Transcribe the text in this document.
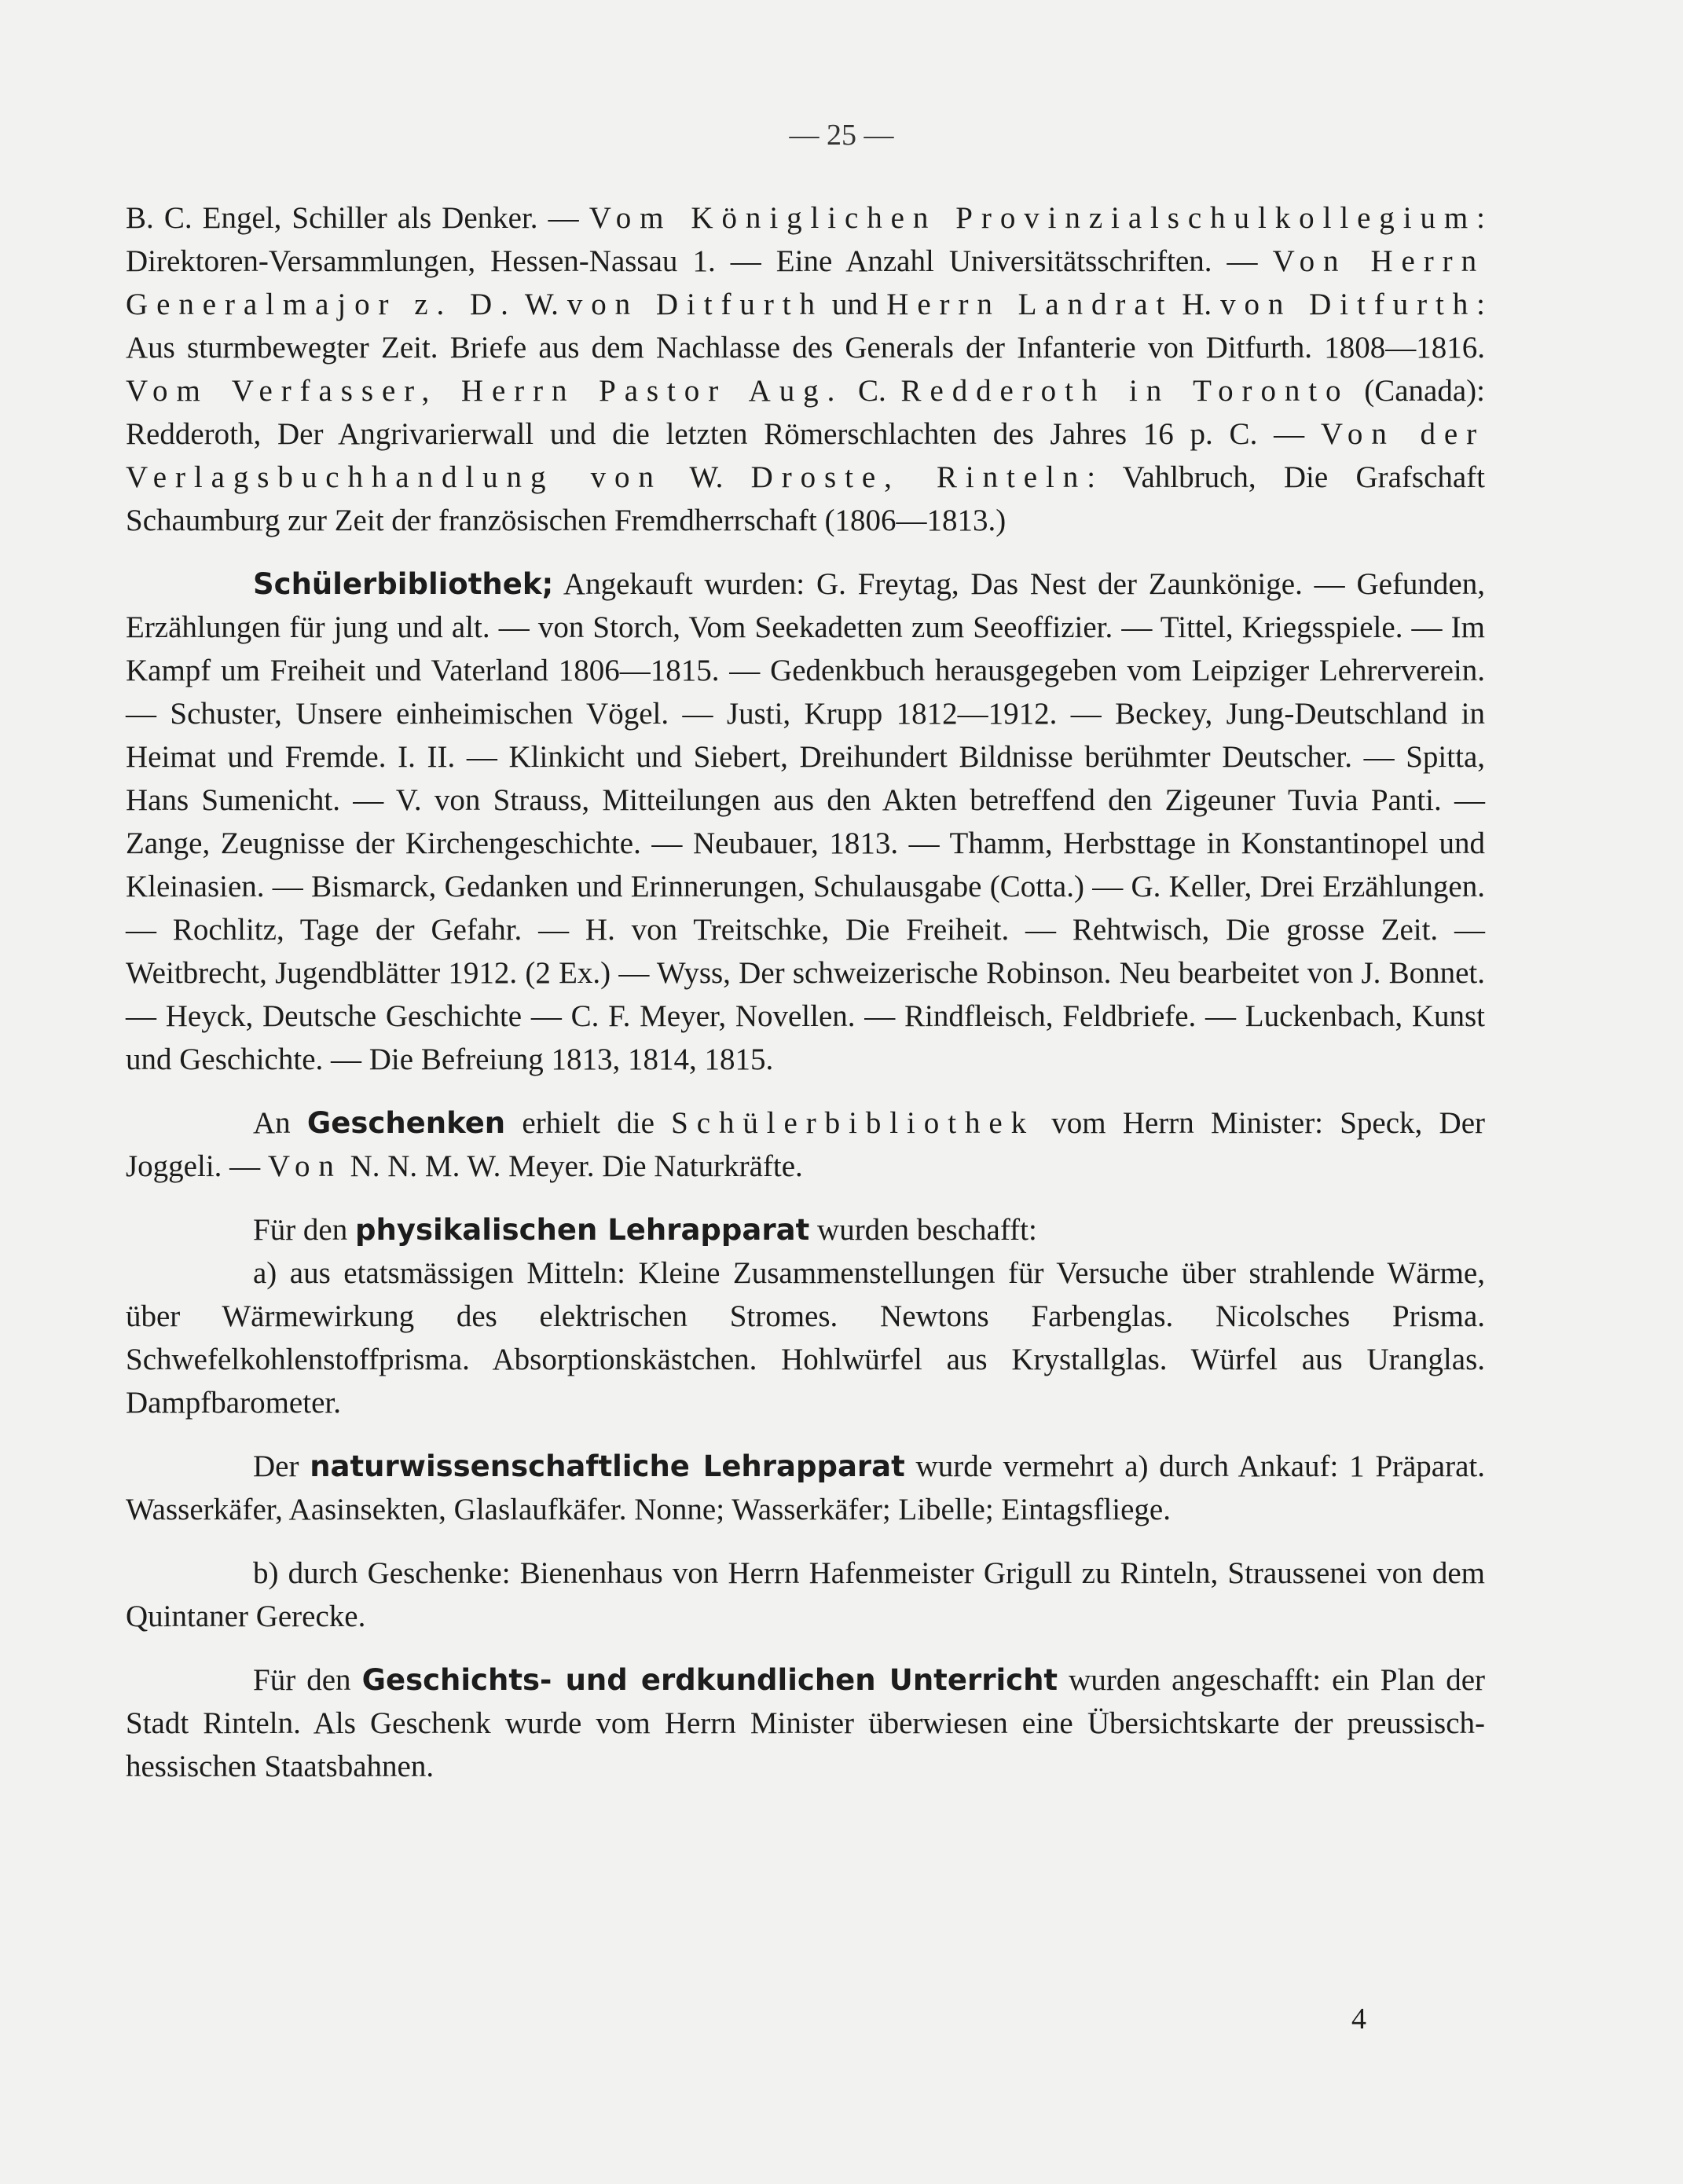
— 25 —

B. C. Engel, Schiller als Denker. — Vom Königlichen Provinzialschulkollegium: Direktoren-Versammlungen, Hessen-Nassau 1. — Eine Anzahl Universitätsschriften. — Von Herrn Generalmajor z. D. W. von Ditfurth und Herrn Landrat H. von Ditfurth: Aus sturmbewegter Zeit. Briefe aus dem Nachlasse des Generals der Infanterie von Ditfurth. 1808—1816. Vom Verfasser, Herrn Pastor Aug. C. Redderoth in Toronto (Canada): Redderoth, Der Angrivarierwall und die letzten Römerschlachten des Jahres 16 p. C. — Von der Verlagsbuchhandlung von W. Droste, Rinteln: Vahlbruch, Die Grafschaft Schaumburg zur Zeit der französischen Fremdherrschaft (1806—1813.)

Schülerbibliothek; Angekauft wurden: G. Freytag, Das Nest der Zaunkönige. — Gefunden, Erzählungen für jung und alt. — von Storch, Vom Seekadetten zum Seeoffizier. — Tittel, Kriegsspiele. — Im Kampf um Freiheit und Vaterland 1806—1815. — Gedenkbuch herausgegeben vom Leipziger Lehrerverein. — Schuster, Unsere einheimischen Vögel. — Justi, Krupp 1812—1912. — Beckey, Jung-Deutschland in Heimat und Fremde. I. II. — Klinkicht und Siebert, Dreihundert Bildnisse berühmter Deutscher. — Spitta, Hans Sumenicht. — V. von Strauss, Mitteilungen aus den Akten betreffend den Zigeuner Tuvia Panti. — Zange, Zeugnisse der Kirchengeschichte. — Neubauer, 1813. — Thamm, Herbsttage in Konstantinopel und Kleinasien. — Bismarck, Gedanken und Erinnerungen, Schulausgabe (Cotta.) — G. Keller, Drei Erzählungen. — Rochlitz, Tage der Gefahr. — H. von Treitschke, Die Freiheit. — Rehtwisch, Die grosse Zeit. — Weitbrecht, Jugendblätter 1912. (2 Ex.) — Wyss, Der schweizerische Robinson. Neu bearbeitet von J. Bonnet. — Heyck, Deutsche Geschichte — C. F. Meyer, Novellen. — Rindfleisch, Feldbriefe. — Luckenbach, Kunst und Geschichte. — Die Befreiung 1813, 1814, 1815.

An Geschenken erhielt die Schülerbibliothek vom Herrn Minister: Speck, Der Joggeli. — Von N. N. M. W. Meyer. Die Naturkräfte.

Für den physikalischen Lehrapparat wurden beschafft:

a) aus etatsmässigen Mitteln: Kleine Zusammenstellungen für Versuche über strahlende Wärme, über Wärmewirkung des elektrischen Stromes. Newtons Farbenglas. Nicolsches Prisma. Schwefelkohlenstoffprisma. Absorptionskästchen. Hohlwürfel aus Krystallglas. Würfel aus Uranglas. Dampfbarometer.

Der naturwissenschaftliche Lehrapparat wurde vermehrt a) durch Ankauf: 1 Präparat. Wasserkäfer, Aasinsekten, Glaslaufkäfer. Nonne; Wasserkäfer; Libelle; Eintagsfliege.

b) durch Geschenke: Bienenhaus von Herrn Hafenmeister Grigull zu Rinteln, Straussenei von dem Quintaner Gerecke.

Für den Geschichts- und erdkundlichen Unterricht wurden angeschafft: ein Plan der Stadt Rinteln. Als Geschenk wurde vom Herrn Minister überwiesen eine Übersichtskarte der preussisch-hessischen Staatsbahnen.

4
